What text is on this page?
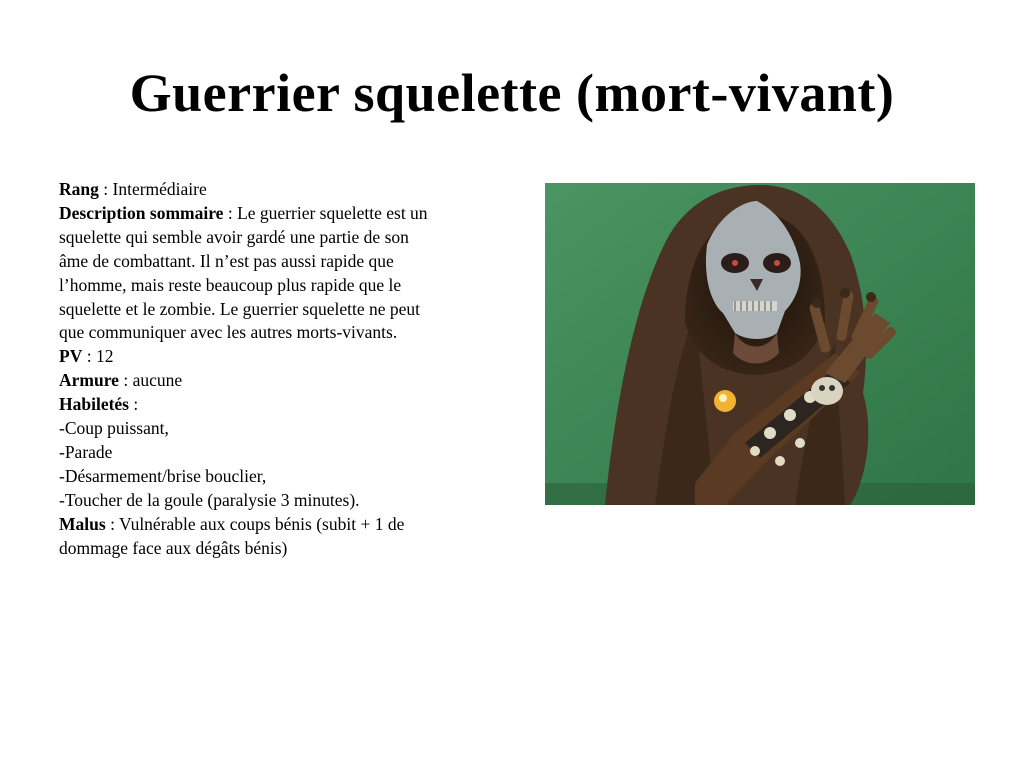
Guerrier squelette (mort-vivant)
Rang : Intermédiaire
Description sommaire : Le guerrier squelette est un
squelette qui semble avoir gardé une partie de son
âme de combattant. Il n’est pas aussi rapide que
l’homme, mais reste beaucoup plus rapide que le
squelette et le zombie. Le guerrier squelette ne peut
que communiquer avec les autres morts-vivants.
PV : 12
Armure : aucune
Habiletés :
-Coup puissant,
-Parade
-Désarmement/brise bouclier,
-Toucher de la goule (paralysie 3 minutes).
Malus : Vulnérable aux coups bénis (subit + 1 de
dommage face aux dégâts bénis)
